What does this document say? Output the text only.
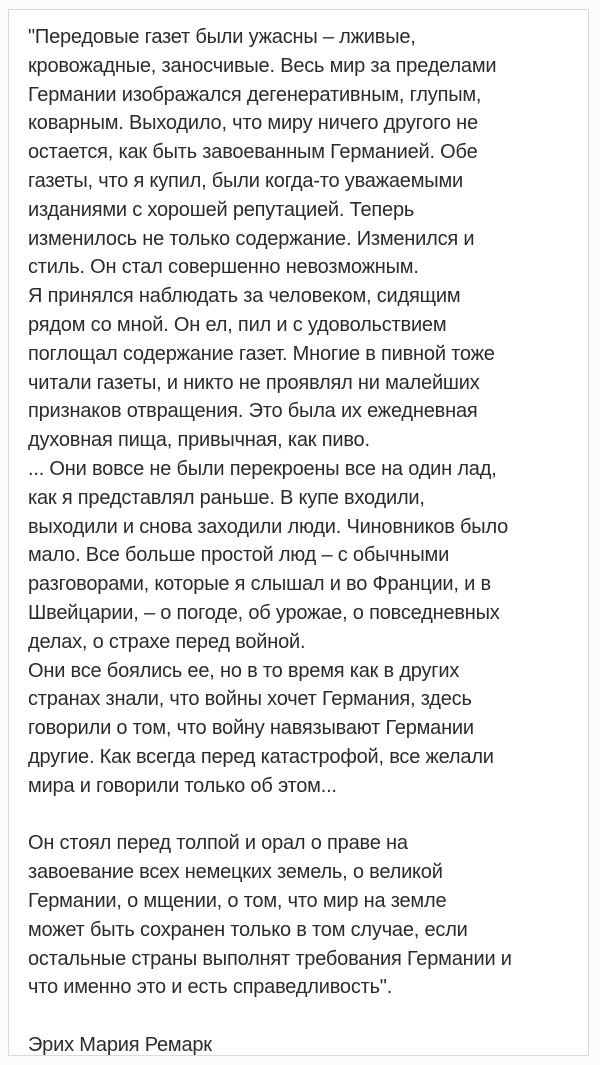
"Передовые газет были ужасны – лживые,
кровожадные, заносчивые. Весь мир за пределами
Германии изображался дегенеративным, глупым,
коварным. Выходило, что миру ничего другого не
остается, как быть завоеванным Германией. Обе
газеты, что я купил, были когда-то уважаемыми
изданиями с хорошей репутацией. Теперь
изменилось не только содержание. Изменился и
стиль. Он стал совершенно невозможным.
Я принялся наблюдать за человеком, сидящим
рядом со мной. Он ел, пил и с удовольствием
поглощал содержание газет. Многие в пивной тоже
читали газеты, и никто не проявлял ни малейших
признаков отвращения. Это была их ежедневная
духовная пища, привычная, как пиво.
... Они вовсе не были перекроены все на один лад,
как я представлял раньше. В купе входили,
выходили и снова заходили люди. Чиновников было
мало. Все больше простой люд – с обычными
разговорами, которые я слышал и во Франции, и в
Швейцарии, – о погоде, об урожае, о повседневных
делах, о страхе перед войной.
Они все боялись ее, но в то время как в других
странах знали, что войны хочет Германия, здесь
говорили о том, что войну навязывают Германии
другие. Как всегда перед катастрофой, все желали
мира и говорили только об этом...
Он стоял перед толпой и орал о праве на
завоевание всех немецких земель, о великой
Германии, о мщении, о том, что мир на земле
может быть сохранен только в том случае, если
остальные страны выполнят требования Германии и
что именно это и есть справедливость".
Эрих Мария Ремарк
